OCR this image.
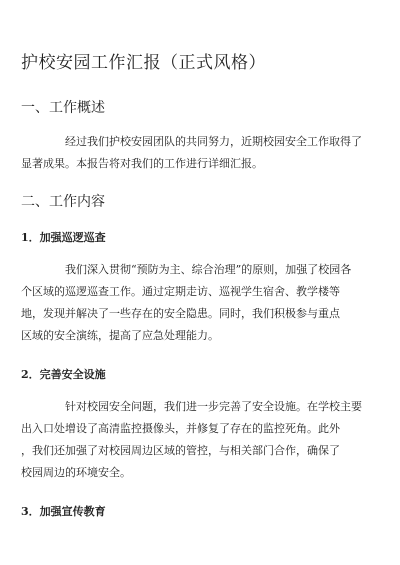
护校安园工作汇报（正式风格）
一、工作概述
经过我们护校安园团队的共同努力，近期校园安全工作取得了
显著成果。本报告将对我们的工作进行详细汇报。
二、工作内容
1．加强巡逻巡查
我们深入贯彻“预防为主、综合治理”的原则，加强了校园各
个区域的巡逻巡查工作。通过定期走访、巡视学生宿舍、教学楼等
地，发现并解决了一些存在的安全隐患。同时，我们积极参与重点
区域的安全演练，提高了应急处理能力。
2．完善安全设施
针对校园安全问题，我们进一步完善了安全设施。在学校主要
出入口处增设了高清监控摄像头，并修复了存在的监控死角。此外
，我们还加强了对校园周边区域的管控，与相关部门合作，确保了
校园周边的环境安全。
3．加强宣传教育
